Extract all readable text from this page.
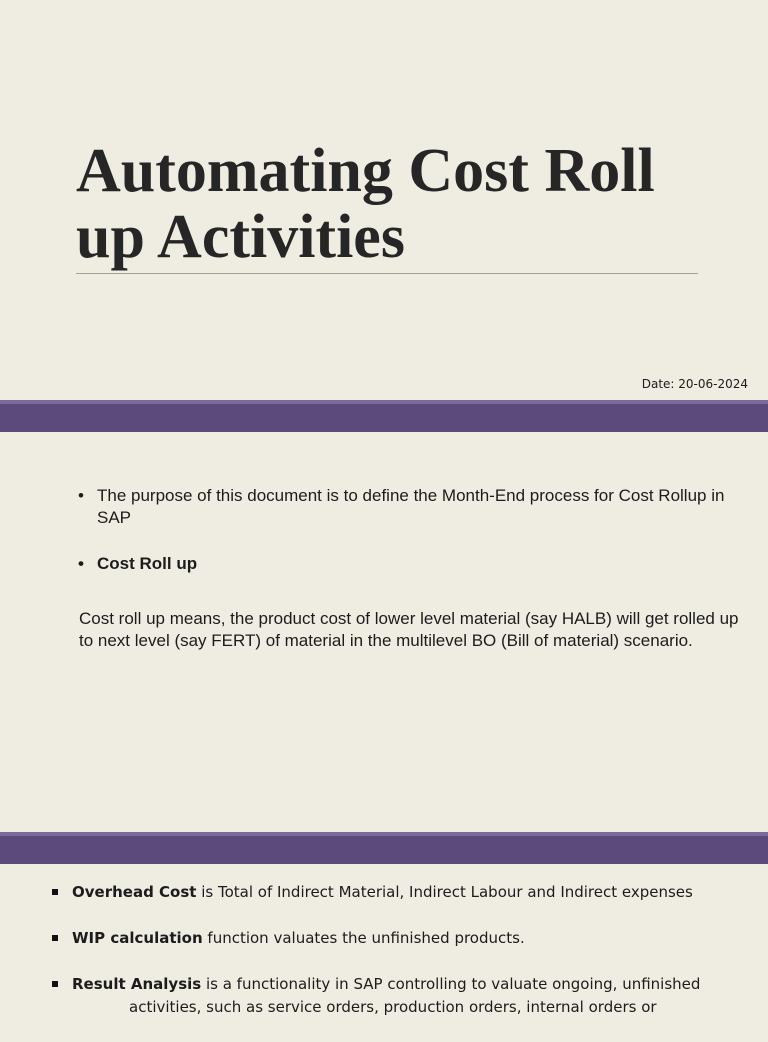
Automating Cost Roll up Activities
Date: 20-06-2024
• The purpose of this document is to define the Month-End process for Cost Rollup in SAP
• Cost Roll up
Cost roll up means, the product cost of lower level material (say HALB) will get rolled up to next level (say FERT) of material in the multilevel BO (Bill of material) scenario.
Overhead Cost is Total of Indirect Material, Indirect Labour and Indirect expenses
WIP calculation function valuates the unfinished products.
Result Analysis is a functionality in SAP controlling to valuate ongoing, unfinished
activities, such as service orders, production orders, internal orders or
